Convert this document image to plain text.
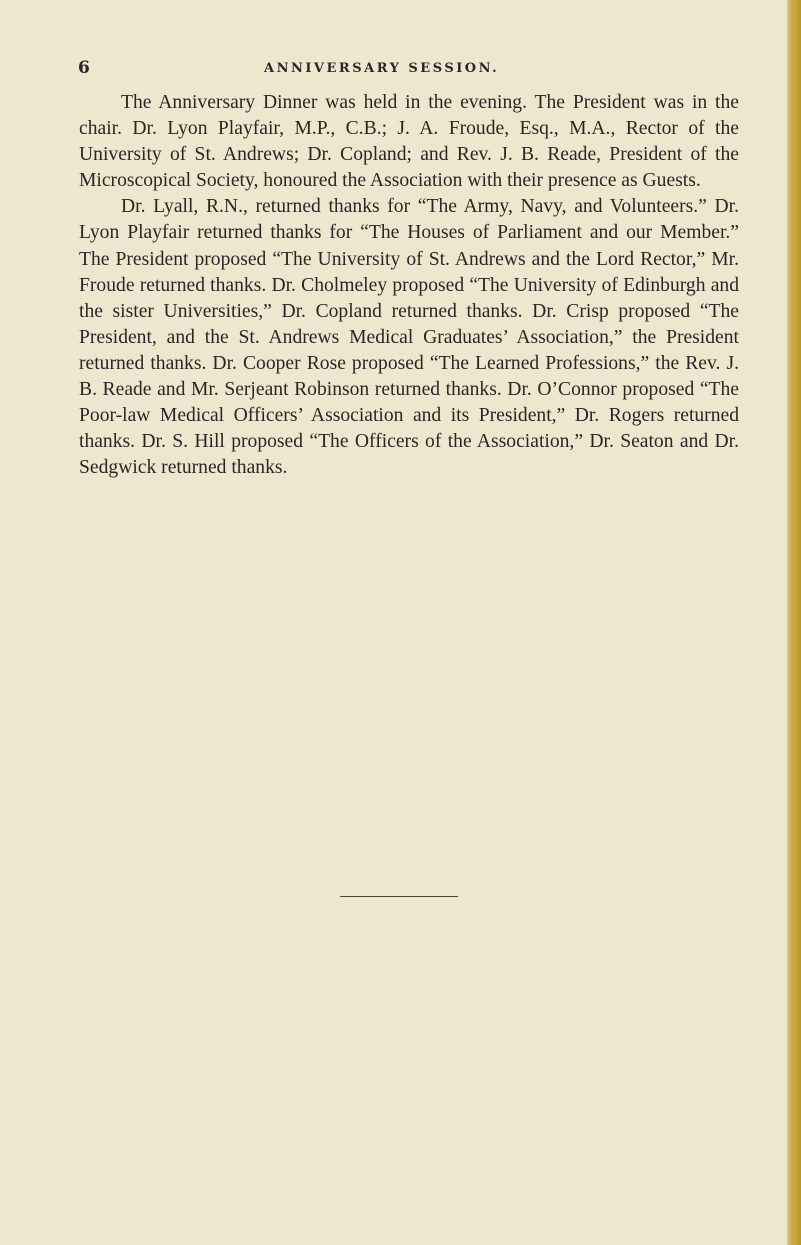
6	ANNIVERSARY SESSION.

The Anniversary Dinner was held in the evening. The President was in the chair. Dr. Lyon Playfair, M.P., C.B.; J. A. Froude, Esq., M.A., Rector of the University of St. Andrews; Dr. Copland; and Rev. J. B. Reade, President of the Microscopical Society, honoured the Association with their presence as Guests.

Dr. Lyall, R.N., returned thanks for “The Army, Navy, and Volunteers.” Dr. Lyon Playfair returned thanks for “The Houses of Parliament and our Member.” The President proposed “The University of St. Andrews and the Lord Rector,” Mr. Froude returned thanks. Dr. Cholmeley proposed “The University of Edinburgh and the sister Universities,” Dr. Copland returned thanks. Dr. Crisp proposed “The President, and the St. Andrews Medical Graduates’ Association,” the President returned thanks. Dr. Cooper Rose proposed “The Learned Professions,” the Rev. J. B. Reade and Mr. Serjeant Robinson returned thanks. Dr. O’Connor proposed “The Poor-law Medical Officers’ Association and its President,” Dr. Rogers returned thanks. Dr. S. Hill proposed “The Officers of the Association,” Dr. Seaton and Dr. Sedgwick returned thanks.
